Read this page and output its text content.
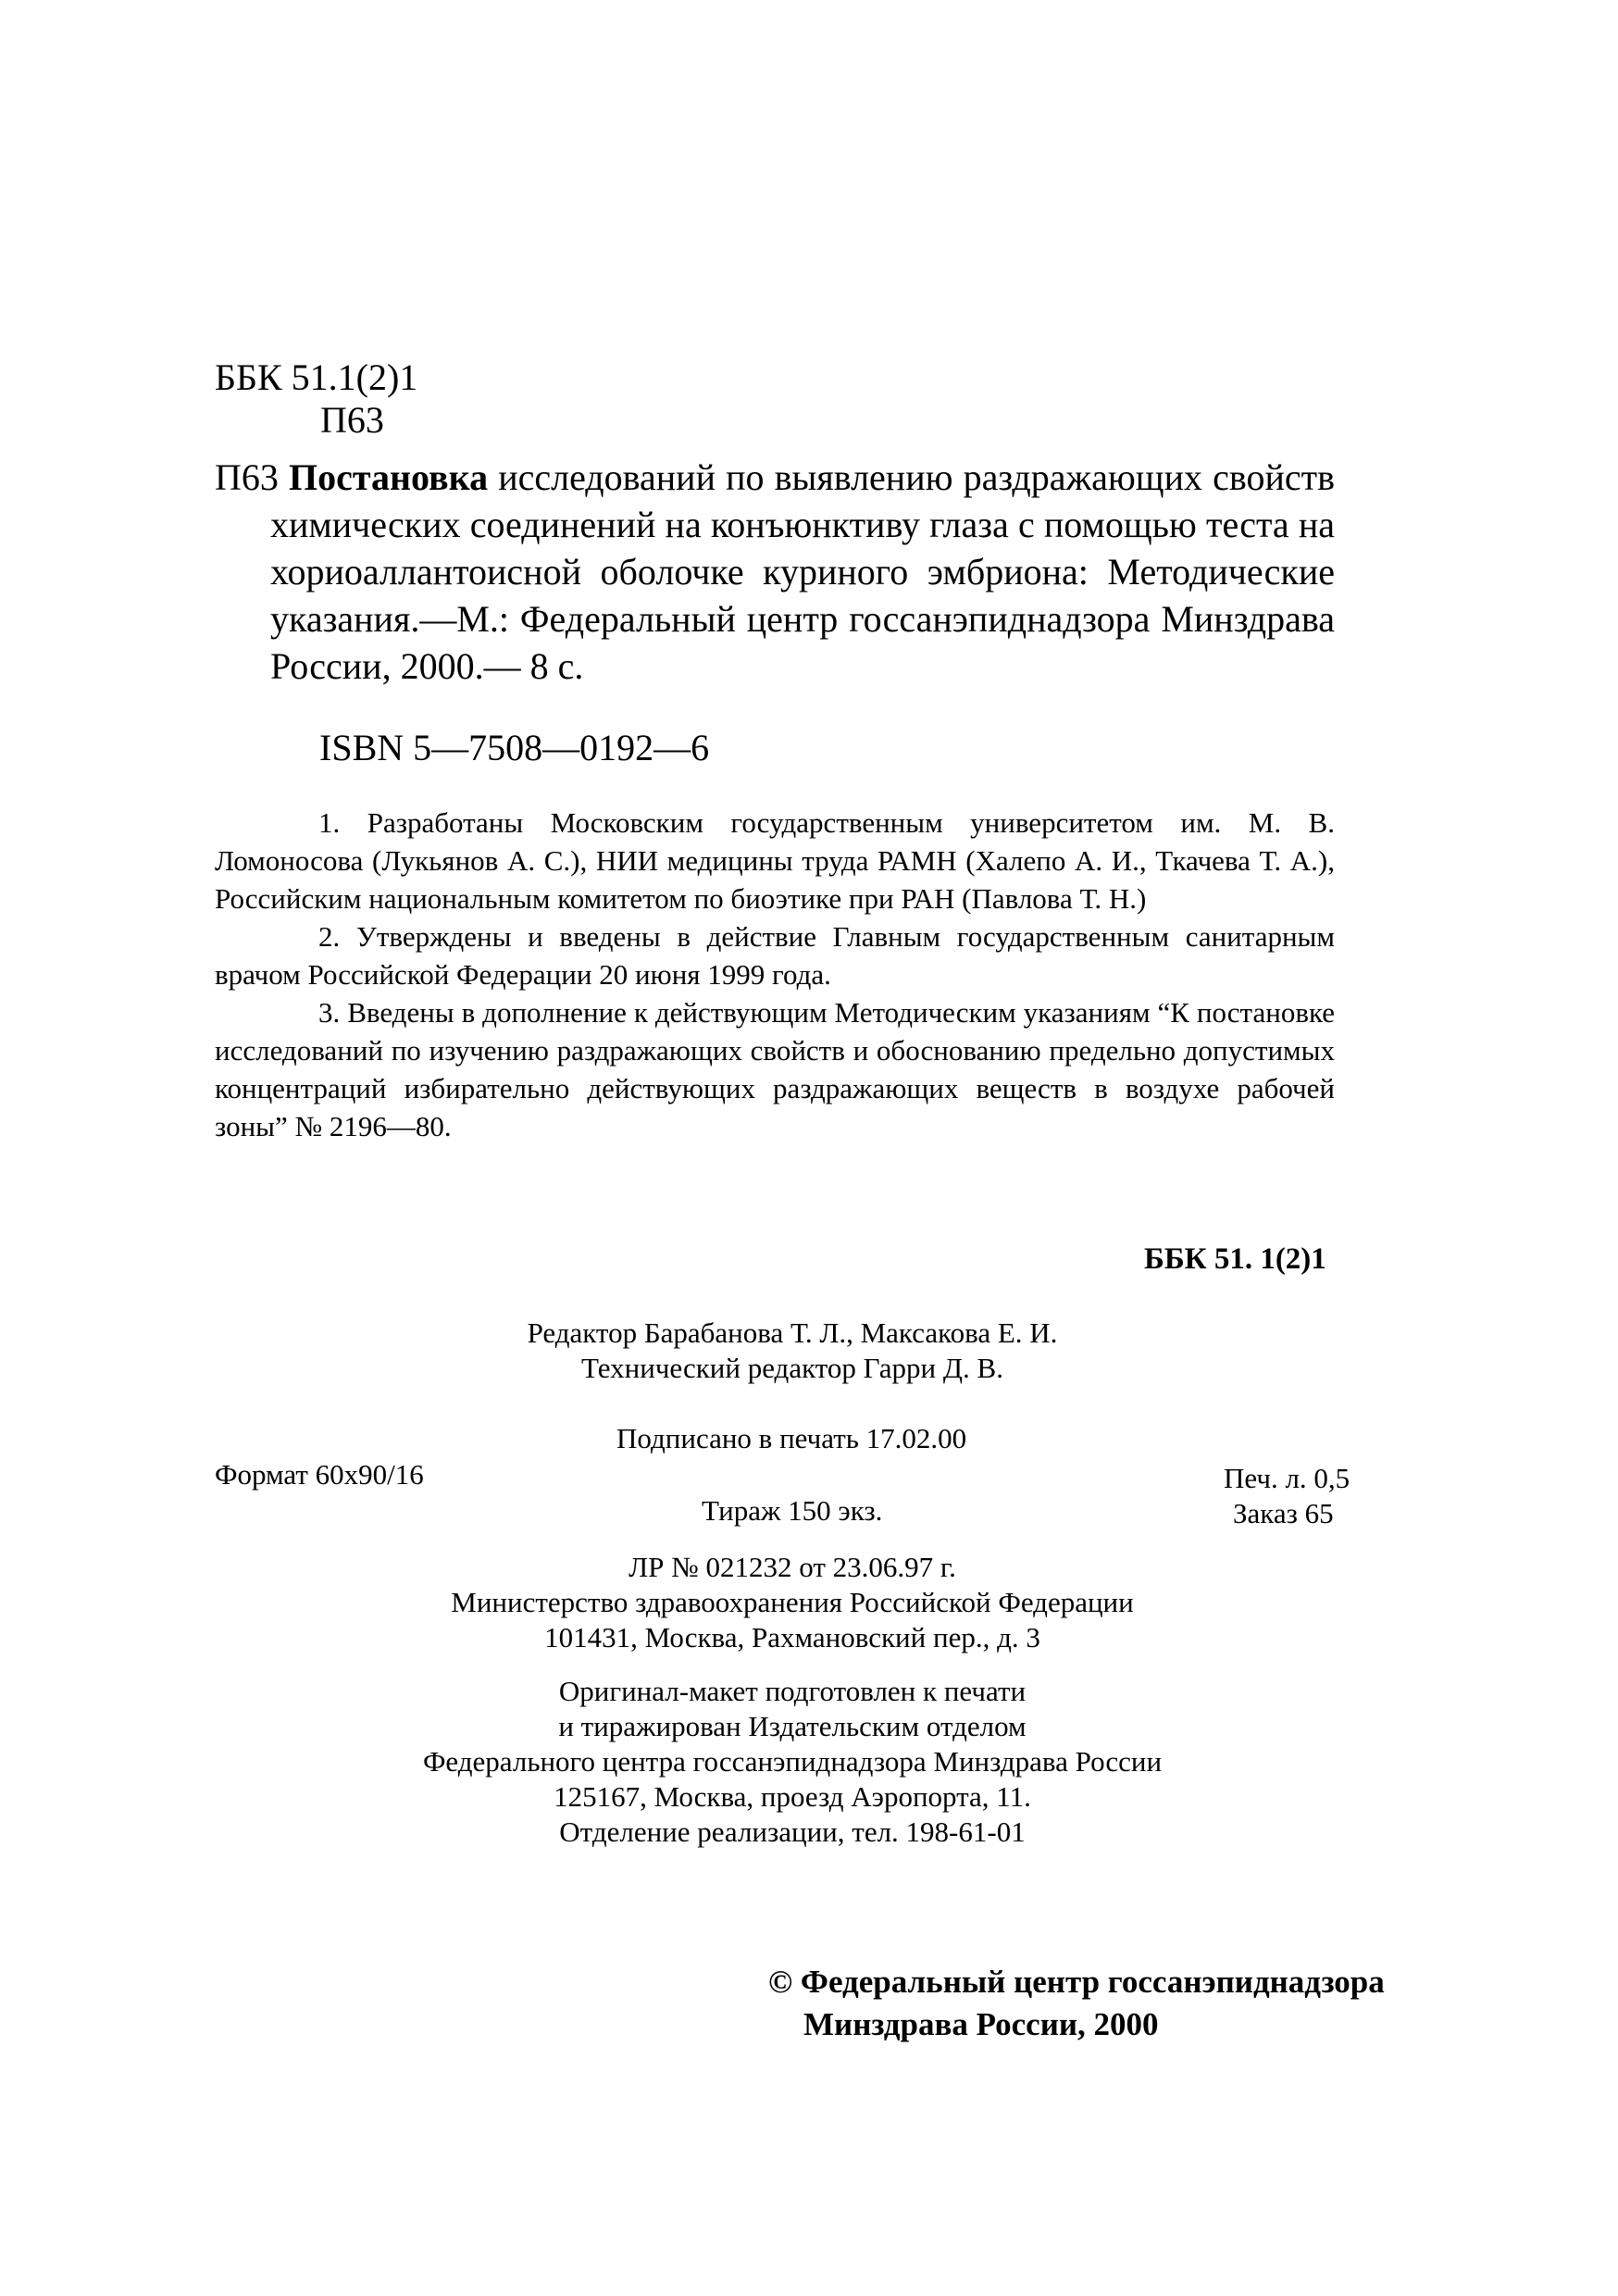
ББК 51.1(2)1
П63

П63 Постановка исследований по выявлению раздражающих свойств химических соединений на конъюнктиву глаза с помощью теста на хориоаллантоисной оболочке куриного эмбриона: Методические указания.—М.: Федеральный центр госсанэпиднадзора Минздрава России, 2000.— 8 с.

ISBN 5—7508—0192—6

1. Разработаны Московским государственным университетом им. М. В. Ломоносова (Лукьянов А. С.), НИИ медицины труда РАМН (Халепо А. И., Ткачева Т. А.), Российским национальным комитетом по биоэтике при РАН (Павлова Т. Н.)

2. Утверждены и введены в действие Главным государственным санитарным врачом Российской Федерации 20 июня 1999 года.

3. Введены в дополнение к действующим Методическим указаниям “К постановке исследований по изучению раздражающих свойств и обоснованию предельно допустимых концентраций избирательно действующих раздражающих веществ в воздухе рабочей зоны” № 2196—80.

ББК 51. 1(2)1
Редактор Барабанова Т. Л., Максакова Е. И.
Технический редактор Гарри Д. В.
Подписано в печать 17.02.00
Формат 60х90/16	Печ. л. 0,5
Тираж 150 экз.	Заказ 65
ЛР № 021232 от 23.06.97 г.
Министерство здравоохранения Российской Федерации
101431, Москва, Рахмановский пер., д. 3
Оригинал-макет подготовлен к печати
и тиражирован Издательским отделом
Федерального центра госсанэпиднадзора Минздрава России
125167, Москва, проезд Аэропорта, 11.
Отделение реализации, тел. 198-61-01
© Федеральный центр госсанэпиднадзора
Минздрава России, 2000
